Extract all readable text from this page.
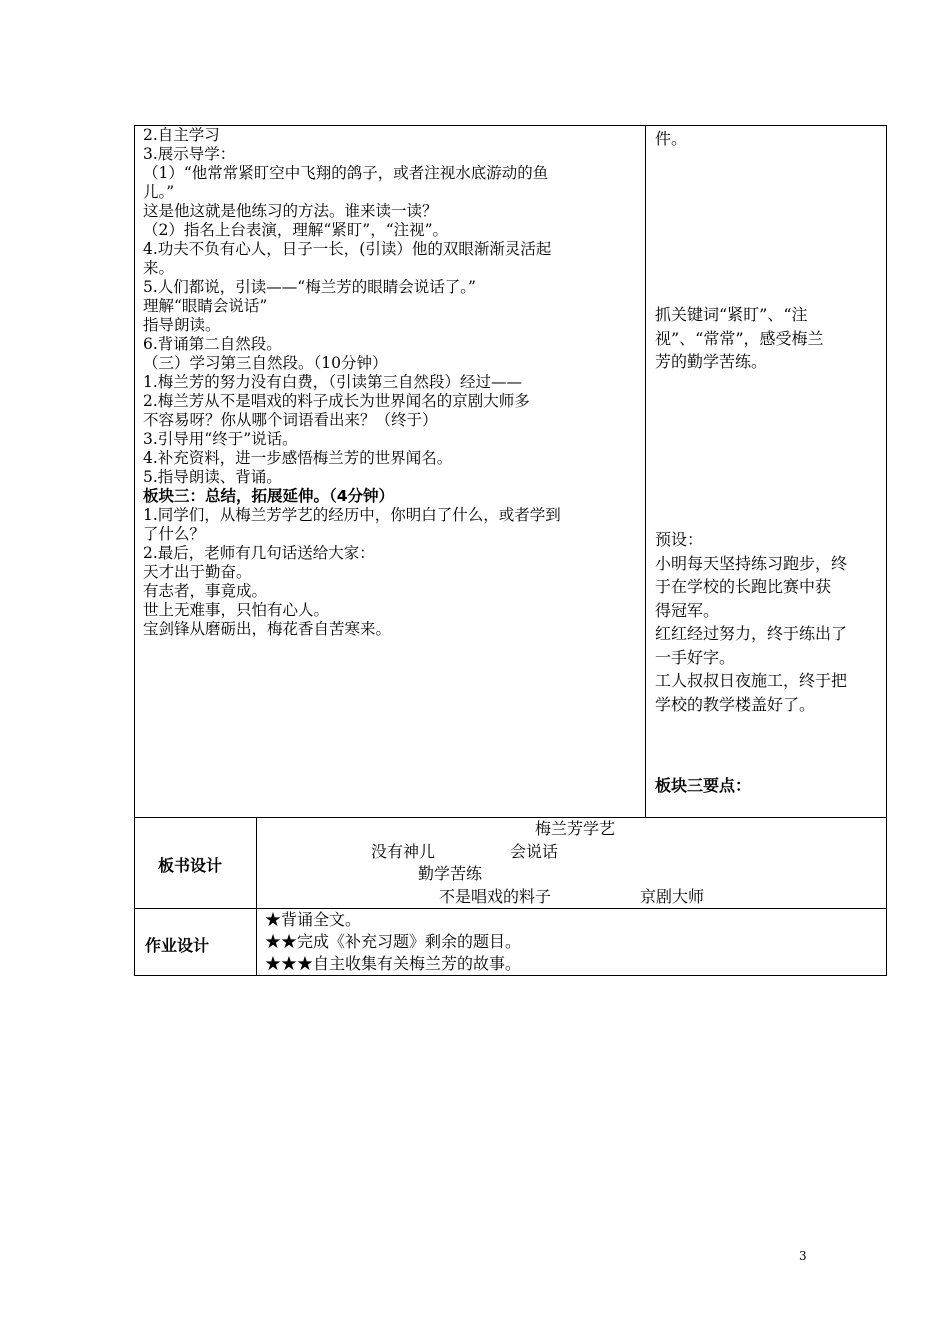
2.自主学习
3.展示导学：
（1）“他常常紧盯空中飞翔的鸽子，或者注视水底游动的鱼
儿。”
这是他这就是他练习的方法。谁来读一读？
（2）指名上台表演，理解“紧盯”，“注视”。
4.功夫不负有心人，日子一长，(引读）他的双眼渐渐灵活起
来。
5.人们都说，引读——“梅兰芳的眼睛会说话了。”
理解“眼睛会说话”
指导朗读。
6.背诵第二自然段。
（三）学习第三自然段。（10分钟）
1.梅兰芳的努力没有白费，（引读第三自然段）经过——
2.梅兰芳从不是唱戏的料子成长为世界闻名的京剧大师多
不容易呀？你从哪个词语看出来？（终于）
3.引导用“终于”说话。
4.补充资料，进一步感悟梅兰芳的世界闻名。
5.指导朗读、背诵。
板块三：总结，拓展延伸。（4分钟）
1.同学们，从梅兰芳学艺的经历中，你明白了什么，或者学到
了什么？
2.最后，老师有几句话送给大家：
天才出于勤奋。
有志者，事竟成。
世上无难事，只怕有心人。
宝剑锋从磨砺出，梅花香自苦寒来。
件。
抓关键词“紧盯”、“注
视”、“常常”，感受梅兰
芳的勤学苦练。
预设：
小明每天坚持练习跑步，终
于在学校的长跑比赛中获
得冠军。
红红经过努力，终于练出了
一手好字。
工人叔叔日夜施工，终于把
学校的教学楼盖好了。
板块三要点：
板书设计
梅兰芳学艺
没有神儿	会说话
勤学苦练
不是唱戏的料子	京剧大师
作业设计
★背诵全文。
★★完成《补充习题》剩余的题目。
★★★自主收集有关梅兰芳的故事。
3
